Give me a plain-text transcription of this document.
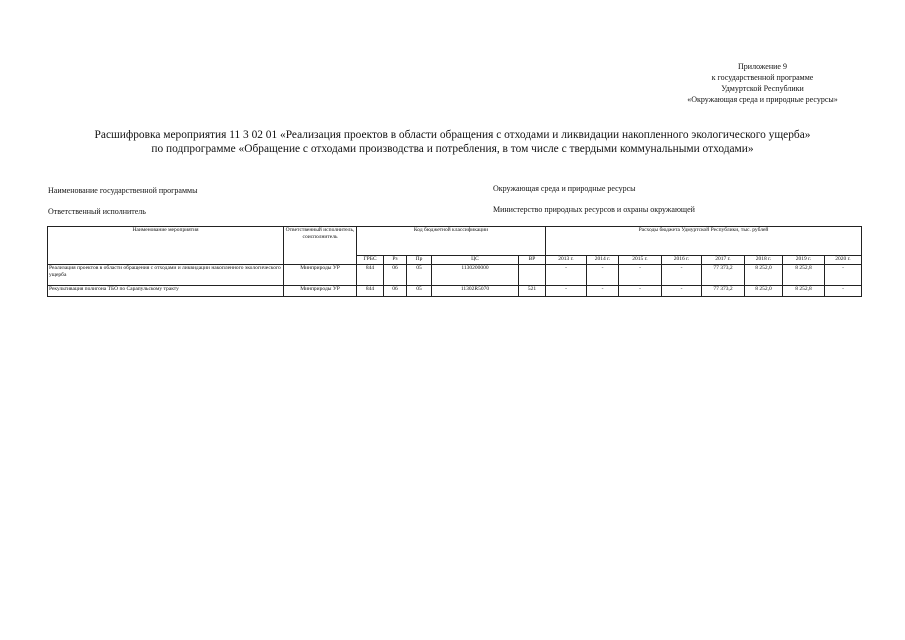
Приложение 9
к государственной программе
Удмуртской Республики
«Окружающая среда и природные ресурсы»
Расшифровка мероприятия 11 3 02 01 «Реализация проектов в области обращения с отходами и ликвидации накопленного экологического ущерба»
по подпрограмме «Обращение с отходами производства и потребления, в том числе с твердыми коммунальными отходами»
Наименование государственной программы	Окружающая среда и природные ресурсы
Ответственный исполнитель	Министерство природных ресурсов и охраны окружающей
Наименование мероприятия	Ответственный исполнитель, соисполнитель	Код бюджетной классификации					Расходы бюджета Удмуртской Республики, тыс. рублей							
		ГРБС	Рз	Пр	ЦС	ВР	2013 г.	2014 г.	2015 г.	2016 г.	2017 г.	2018 г.	2019 г.	2020 г.
Реализация проектов в области обращения с отходами и ликвидации накопленного экологического ущерба	Минприроды УР	844	06	05	1130200000		-	-	-	-	77 373,2	8 252,0	8 252,8	-
Рекультивация полигона ТБО по Сарапульскому тракту	Минприроды УР	844	06	05	11302R5070	521	-	-	-	-	77 373,2	8 252,0	8 252,8	-
